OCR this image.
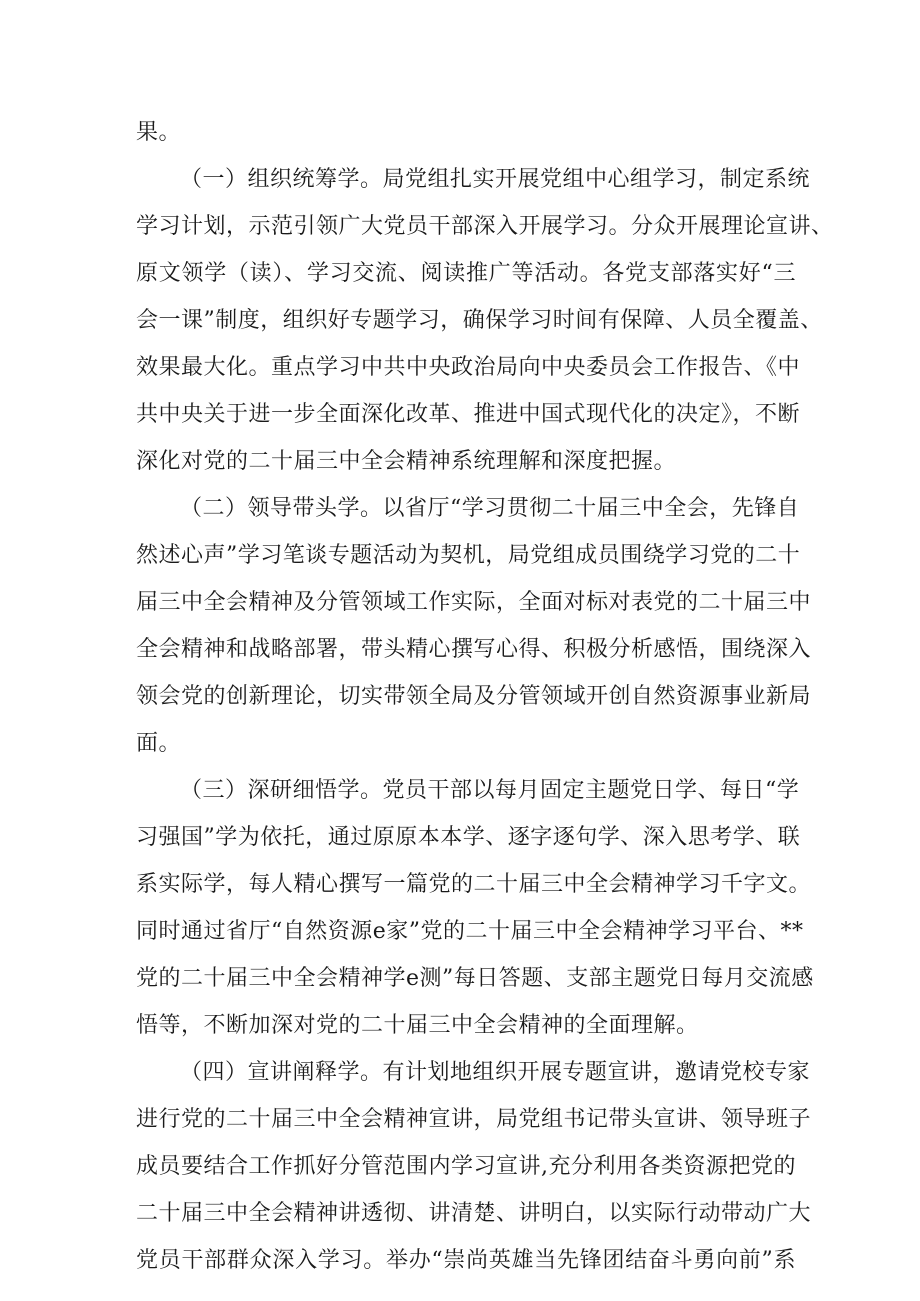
果。
（一）组织统筹学。局党组扎实开展党组中心组学习，制定系统
学习计划，示范引领广大党员干部深入开展学习。分众开展理论宣讲、
原文领学（读）、学习交流、阅读推广等活动。各党支部落实好“三
会一课”制度，组织好专题学习，确保学习时间有保障、人员全覆盖、
效果最大化。重点学习中共中央政治局向中央委员会工作报告、《中
共中央关于进一步全面深化改革、推进中国式现代化的决定》，不断
深化对党的二十届三中全会精神系统理解和深度把握。
（二）领导带头学。以省厅“学习贯彻二十届三中全会，先锋自
然述心声”学习笔谈专题活动为契机，局党组成员围绕学习党的二十
届三中全会精神及分管领域工作实际，全面对标对表党的二十届三中
全会精神和战略部署，带头精心撰写心得、积极分析感悟，围绕深入
领会党的创新理论，切实带领全局及分管领域开创自然资源事业新局
面。
（三）深研细悟学。党员干部以每月固定主题党日学、每日“学
习强国”学为依托，通过原原本本学、逐字逐句学、深入思考学、联
系实际学，每人精心撰写一篇党的二十届三中全会精神学习千字文。
同时通过省厅“自然资源e家”党的二十届三中全会精神学习平台、**
党的二十届三中全会精神学e测”每日答题、支部主题党日每月交流感
悟等，不断加深对党的二十届三中全会精神的全面理解。
（四）宣讲阐释学。有计划地组织开展专题宣讲，邀请党校专家
进行党的二十届三中全会精神宣讲，局党组书记带头宣讲、领导班子
成员要结合工作抓好分管范围内学习宣讲,充分利用各类资源把党的
二十届三中全会精神讲透彻、讲清楚、讲明白，以实际行动带动广大
党员干部群众深入学习。举办“崇尚英雄当先锋团结奋斗勇向前”系
